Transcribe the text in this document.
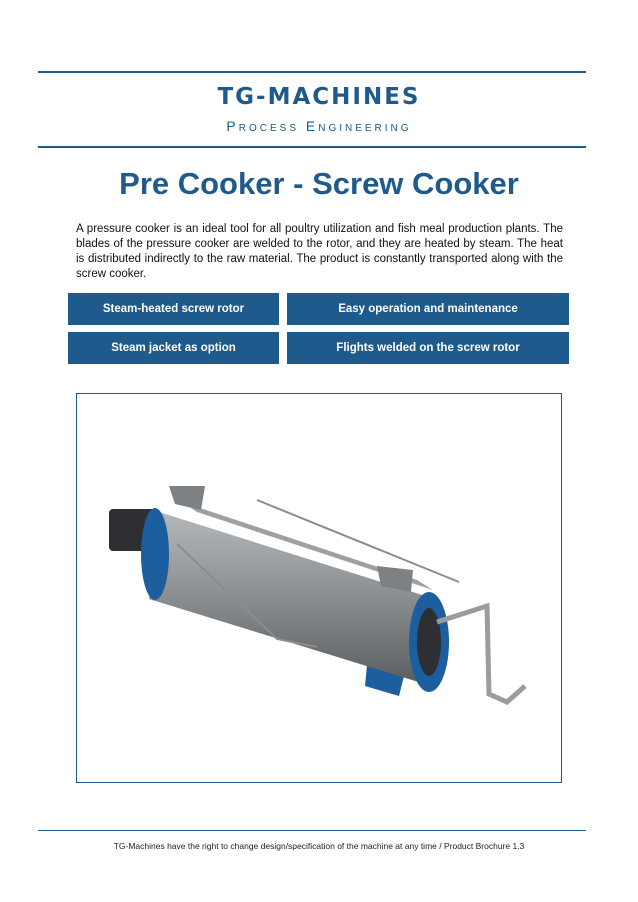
TG-MACHINES
Process Engineering
Pre Cooker - Screw Cooker
A pressure cooker is an ideal tool for all poultry utilization and fish meal production plants. The blades of the pressure cooker are welded to the rotor, and they are heated by steam. The heat is distributed indirectly to the raw material. The product is constantly transported along with the screw cooker.
Steam-heated screw rotor	Easy operation and maintenance
Steam jacket as option	Flights welded on the screw rotor
TG-Machines have the right to change design/specification of the machine at any time / Product Brochure 1.3
